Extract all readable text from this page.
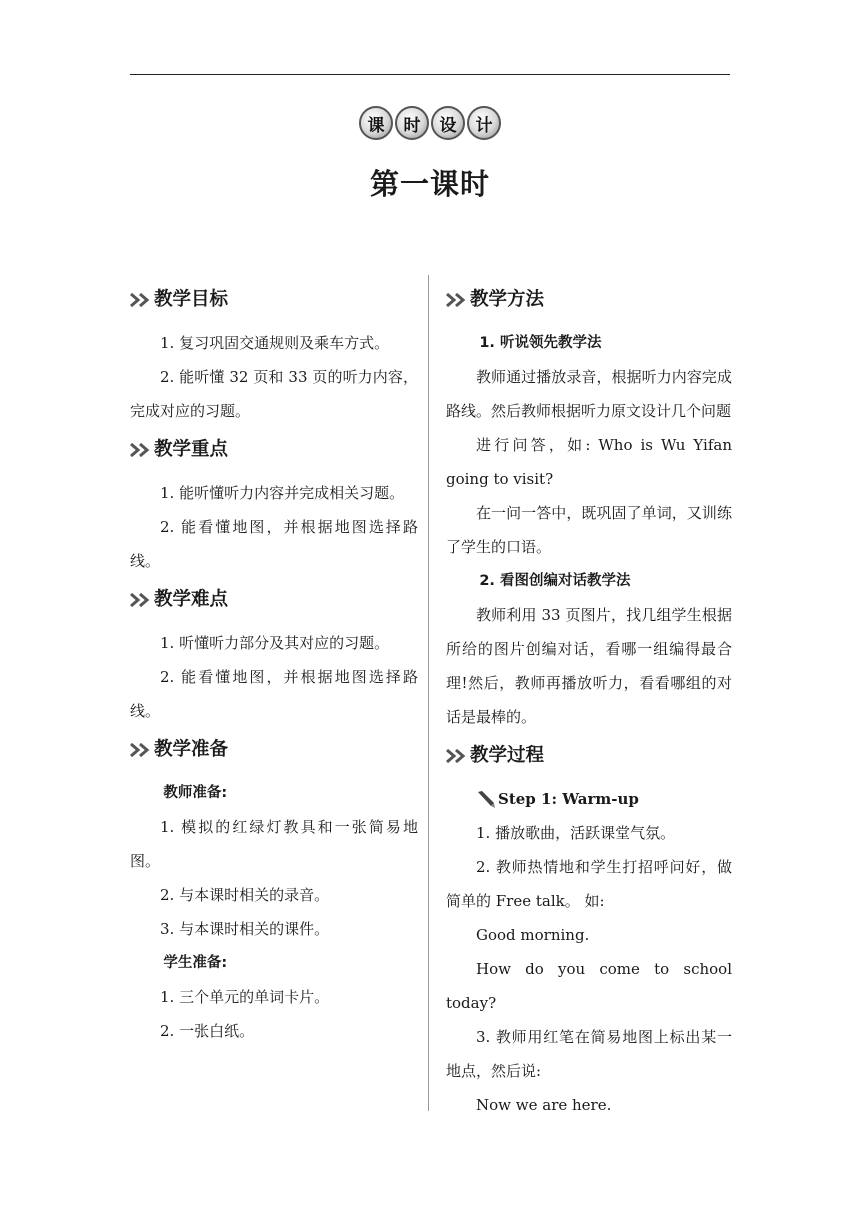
课	时	设	计
第一课时
教学目标

1. 复习巩固交通规则及乘车方式。

2. 能听懂 32 页和 33 页的听力内容，完成对应的习题。

教学重点

1. 能听懂听力内容并完成相关习题。

2. 能看懂地图，并根据地图选择路线。

教学难点

1. 听懂听力部分及其对应的习题。

2. 能看懂地图，并根据地图选择路线。

教学准备

教师准备:

1. 模拟的红绿灯教具和一张简易地图。

2. 与本课时相关的录音。

3. 与本课时相关的课件。

学生准备:

1. 三个单元的单词卡片。

2. 一张白纸。

教学方法

1. 听说领先教学法

教师通过播放录音，根据听力内容完成路线。然后教师根据听力原文设计几个问题

进行问答，如: Who is Wu Yifan going to visit?

在一问一答中，既巩固了单词，又训练了学生的口语。

2. 看图创编对话教学法

教师利用 33 页图片，找几组学生根据所给的图片创编对话，看哪一组编得最合理!然后，教师再播放听力，看看哪组的对话是最棒的。

教学过程
Step 1: Warm-up

1. 播放歌曲，活跃课堂气氛。

2. 教师热情地和学生打招呼问好，做简单的 Free talk。 如:

Good morning.

How do you come to school today?

3. 教师用红笔在简易地图上标出某一地点，然后说:

Now we are here.
